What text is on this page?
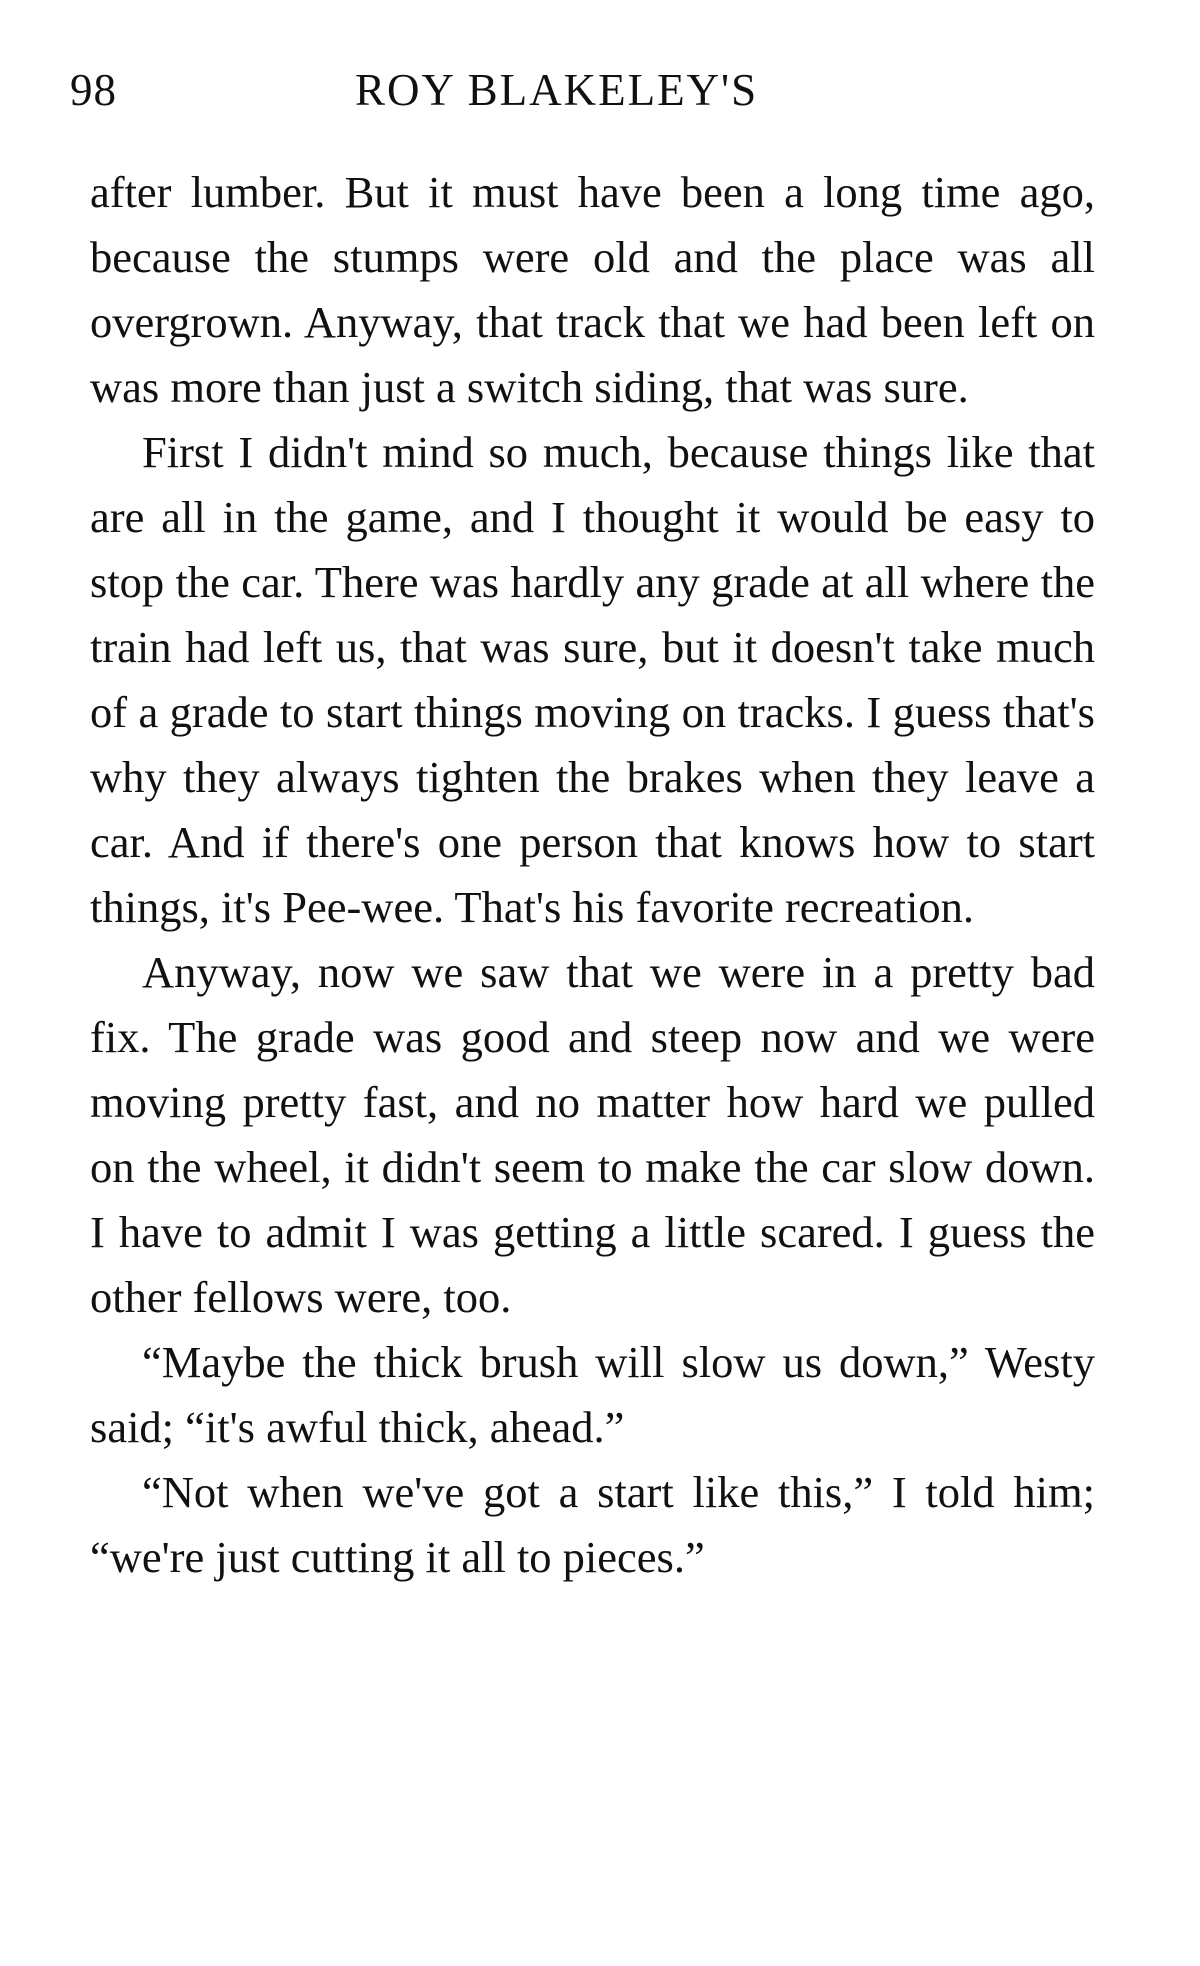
98	ROY BLAKELEY'S

after lumber. But it must have been a long time ago, because the stumps were old and the place was all overgrown. Anyway, that track that we had been left on was more than just a switch siding, that was sure.

First I didn't mind so much, because things like that are all in the game, and I thought it would be easy to stop the car. There was hardly any grade at all where the train had left us, that was sure, but it doesn't take much of a grade to start things moving on tracks. I guess that's why they always tighten the brakes when they leave a car. And if there's one person that knows how to start things, it's Pee-wee. That's his favorite recreation.

Anyway, now we saw that we were in a pretty bad fix. The grade was good and steep now and we were moving pretty fast, and no matter how hard we pulled on the wheel, it didn't seem to make the car slow down. I have to admit I was getting a little scared. I guess the other fellows were, too.

“Maybe the thick brush will slow us down,” Westy said; “it's awful thick, ahead.”

“Not when we've got a start like this,” I told him; “we're just cutting it all to pieces.”
